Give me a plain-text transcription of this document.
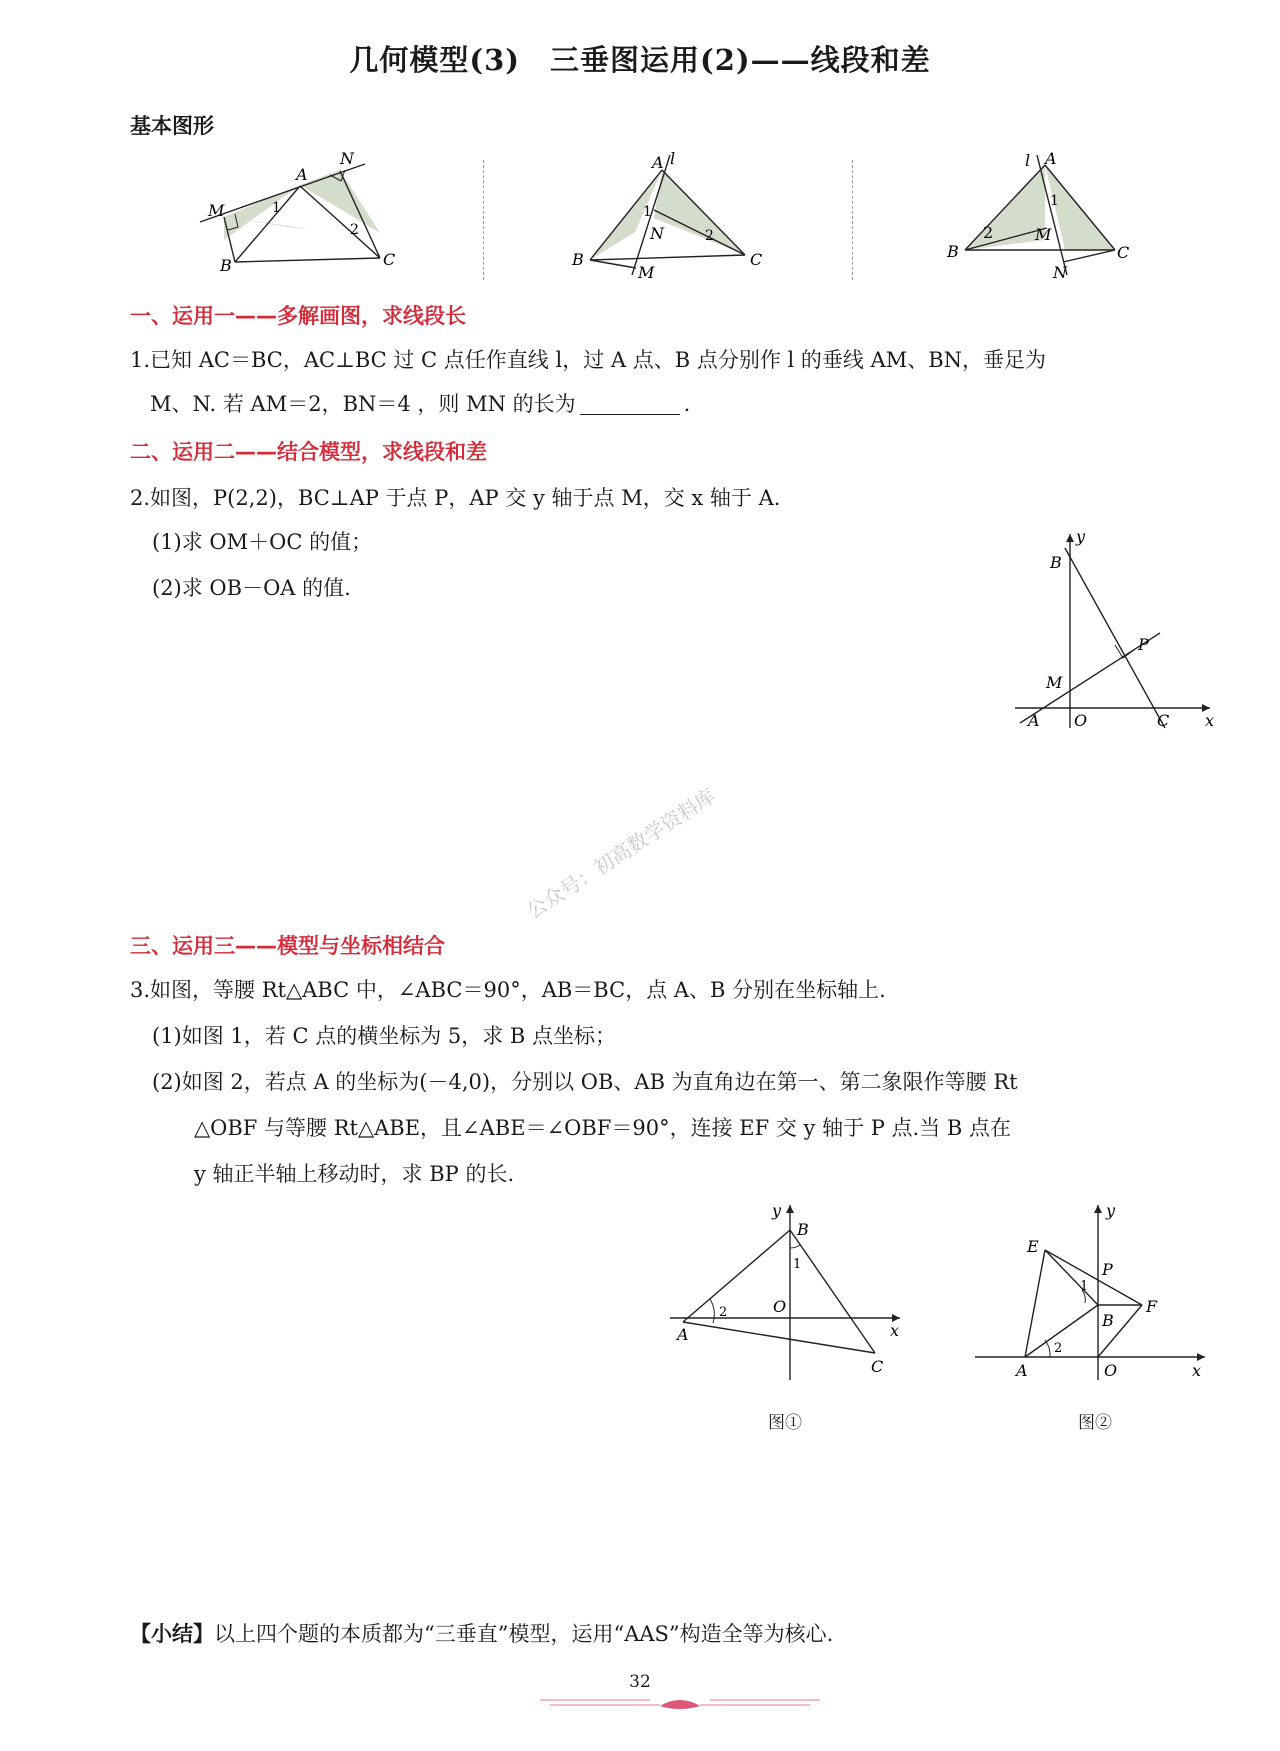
几何模型(3)　三垂图运用(2)——线段和差
基本图形
M
A
N
B	C
1
2
A l
B	C
N
M
1
2
l A
B	C
M
N
1
2
一、运用一——多解画图，求线段长
1.已知 AC＝BC，AC⊥BC 过 C 点任作直线 l，过 A 点、B 点分别作 l 的垂线 AM、BN，垂足为
M、N. 若 AM＝2，BN＝4 ，则 MN 的长为	.
二、运用二——结合模型，求线段和差
2.如图，P(2,2)，BC⊥AP 于点 P，AP 交 y 轴于点 M，交 x 轴于 A.
(1)求 OM＋OC 的值；
(2)求 OB－OA 的值.
y
B
P
M
A O	C x
公众号：初高数学资料库
三、运用三——模型与坐标相结合
3.如图，等腰 Rt△ABC 中，∠ABC＝90°，AB＝BC，点 A、B 分别在坐标轴上.
(1)如图 1，若 C 点的横坐标为 5，求 B 点坐标；
(2)如图 2，若点 A 的坐标为(－4,0)，分别以 OB、AB 为直角边在第一、第二象限作等腰 Rt
△OBF 与等腰 Rt△ABE，且∠ABE＝∠OBF＝90°，连接 EF 交 y 轴于 P 点.当 B 点在
y 轴正半轴上移动时，求 BP 的长.
y
B
O
A
C
x
2
1
图①
y
E
P
F
B
A	O	x
2
1
图②
【小结】以上四个题的本质都为“三垂直”模型，运用“AAS”构造全等为核心.
32
